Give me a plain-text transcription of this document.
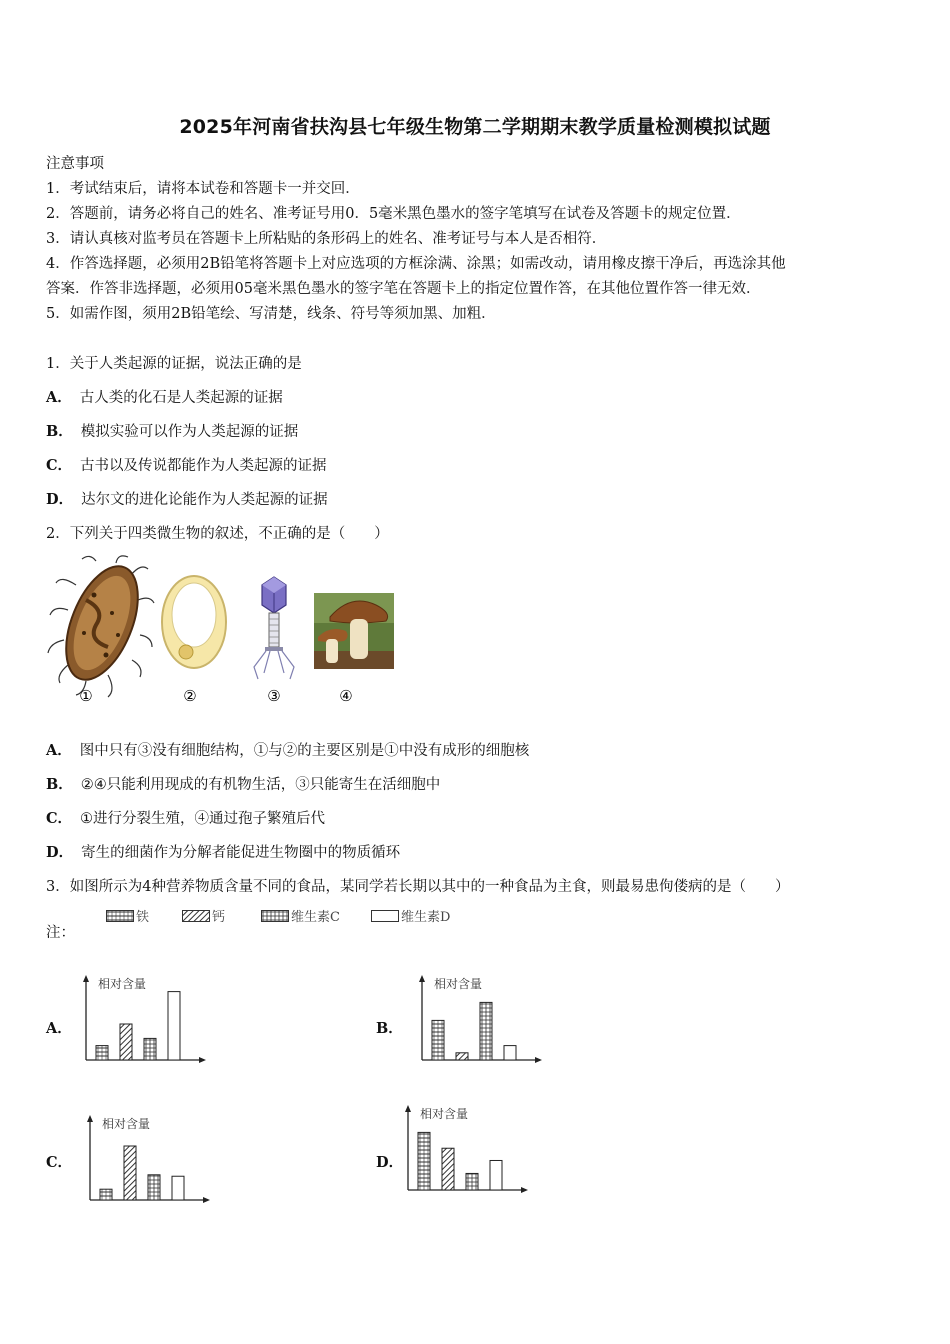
2025年河南省扶沟县七年级生物第二学期期末教学质量检测模拟试题
注意事项
1．考试结束后，请将本试卷和答题卡一并交回．
2．答题前，请务必将自己的姓名、准考证号用0．5毫米黑色墨水的签字笔填写在试卷及答题卡的规定位置．
3．请认真核对监考员在答题卡上所粘贴的条形码上的姓名、准考证号与本人是否相符．
4．作答选择题，必须用2B铅笔将答题卡上对应选项的方框涂满、涂黑；如需改动，请用橡皮擦干净后，再选涂其他
答案．作答非选择题，必须用05毫米黑色墨水的签字笔在答题卡上的指定位置作答，在其他位置作答一律无效．
5．如需作图，须用2B铅笔绘、写清楚，线条、符号等须加黑、加粗．
1．关于人类起源的证据，说法正确的是
A． 古人类的化石是人类起源的证据
B． 模拟实验可以作为人类起源的证据
C． 古书以及传说都能作为人类起源的证据
D． 达尔文的进化论能作为人类起源的证据
2．下列关于四类微生物的叙述，不正确的是（　　）
①	②	③	④
A． 图中只有③没有细胞结构，①与②的主要区别是①中没有成形的细胞核
B． ②④只能利用现成的有机物生活，③只能寄生在活细胞中
C． ①进行分裂生殖，④通过孢子繁殖后代
D． 寄生的细菌作为分解者能促进生物圈中的物质循环
3．如图所示为4种营养物质含量不同的食品，某同学若长期以其中的一种食品为主食，则最易患佝偻病的是（　　）
铁	钙	维生素C	维生素D
注：
A．	B．
C．	D．
相对含量	相对含量
相对含量
相对含量
